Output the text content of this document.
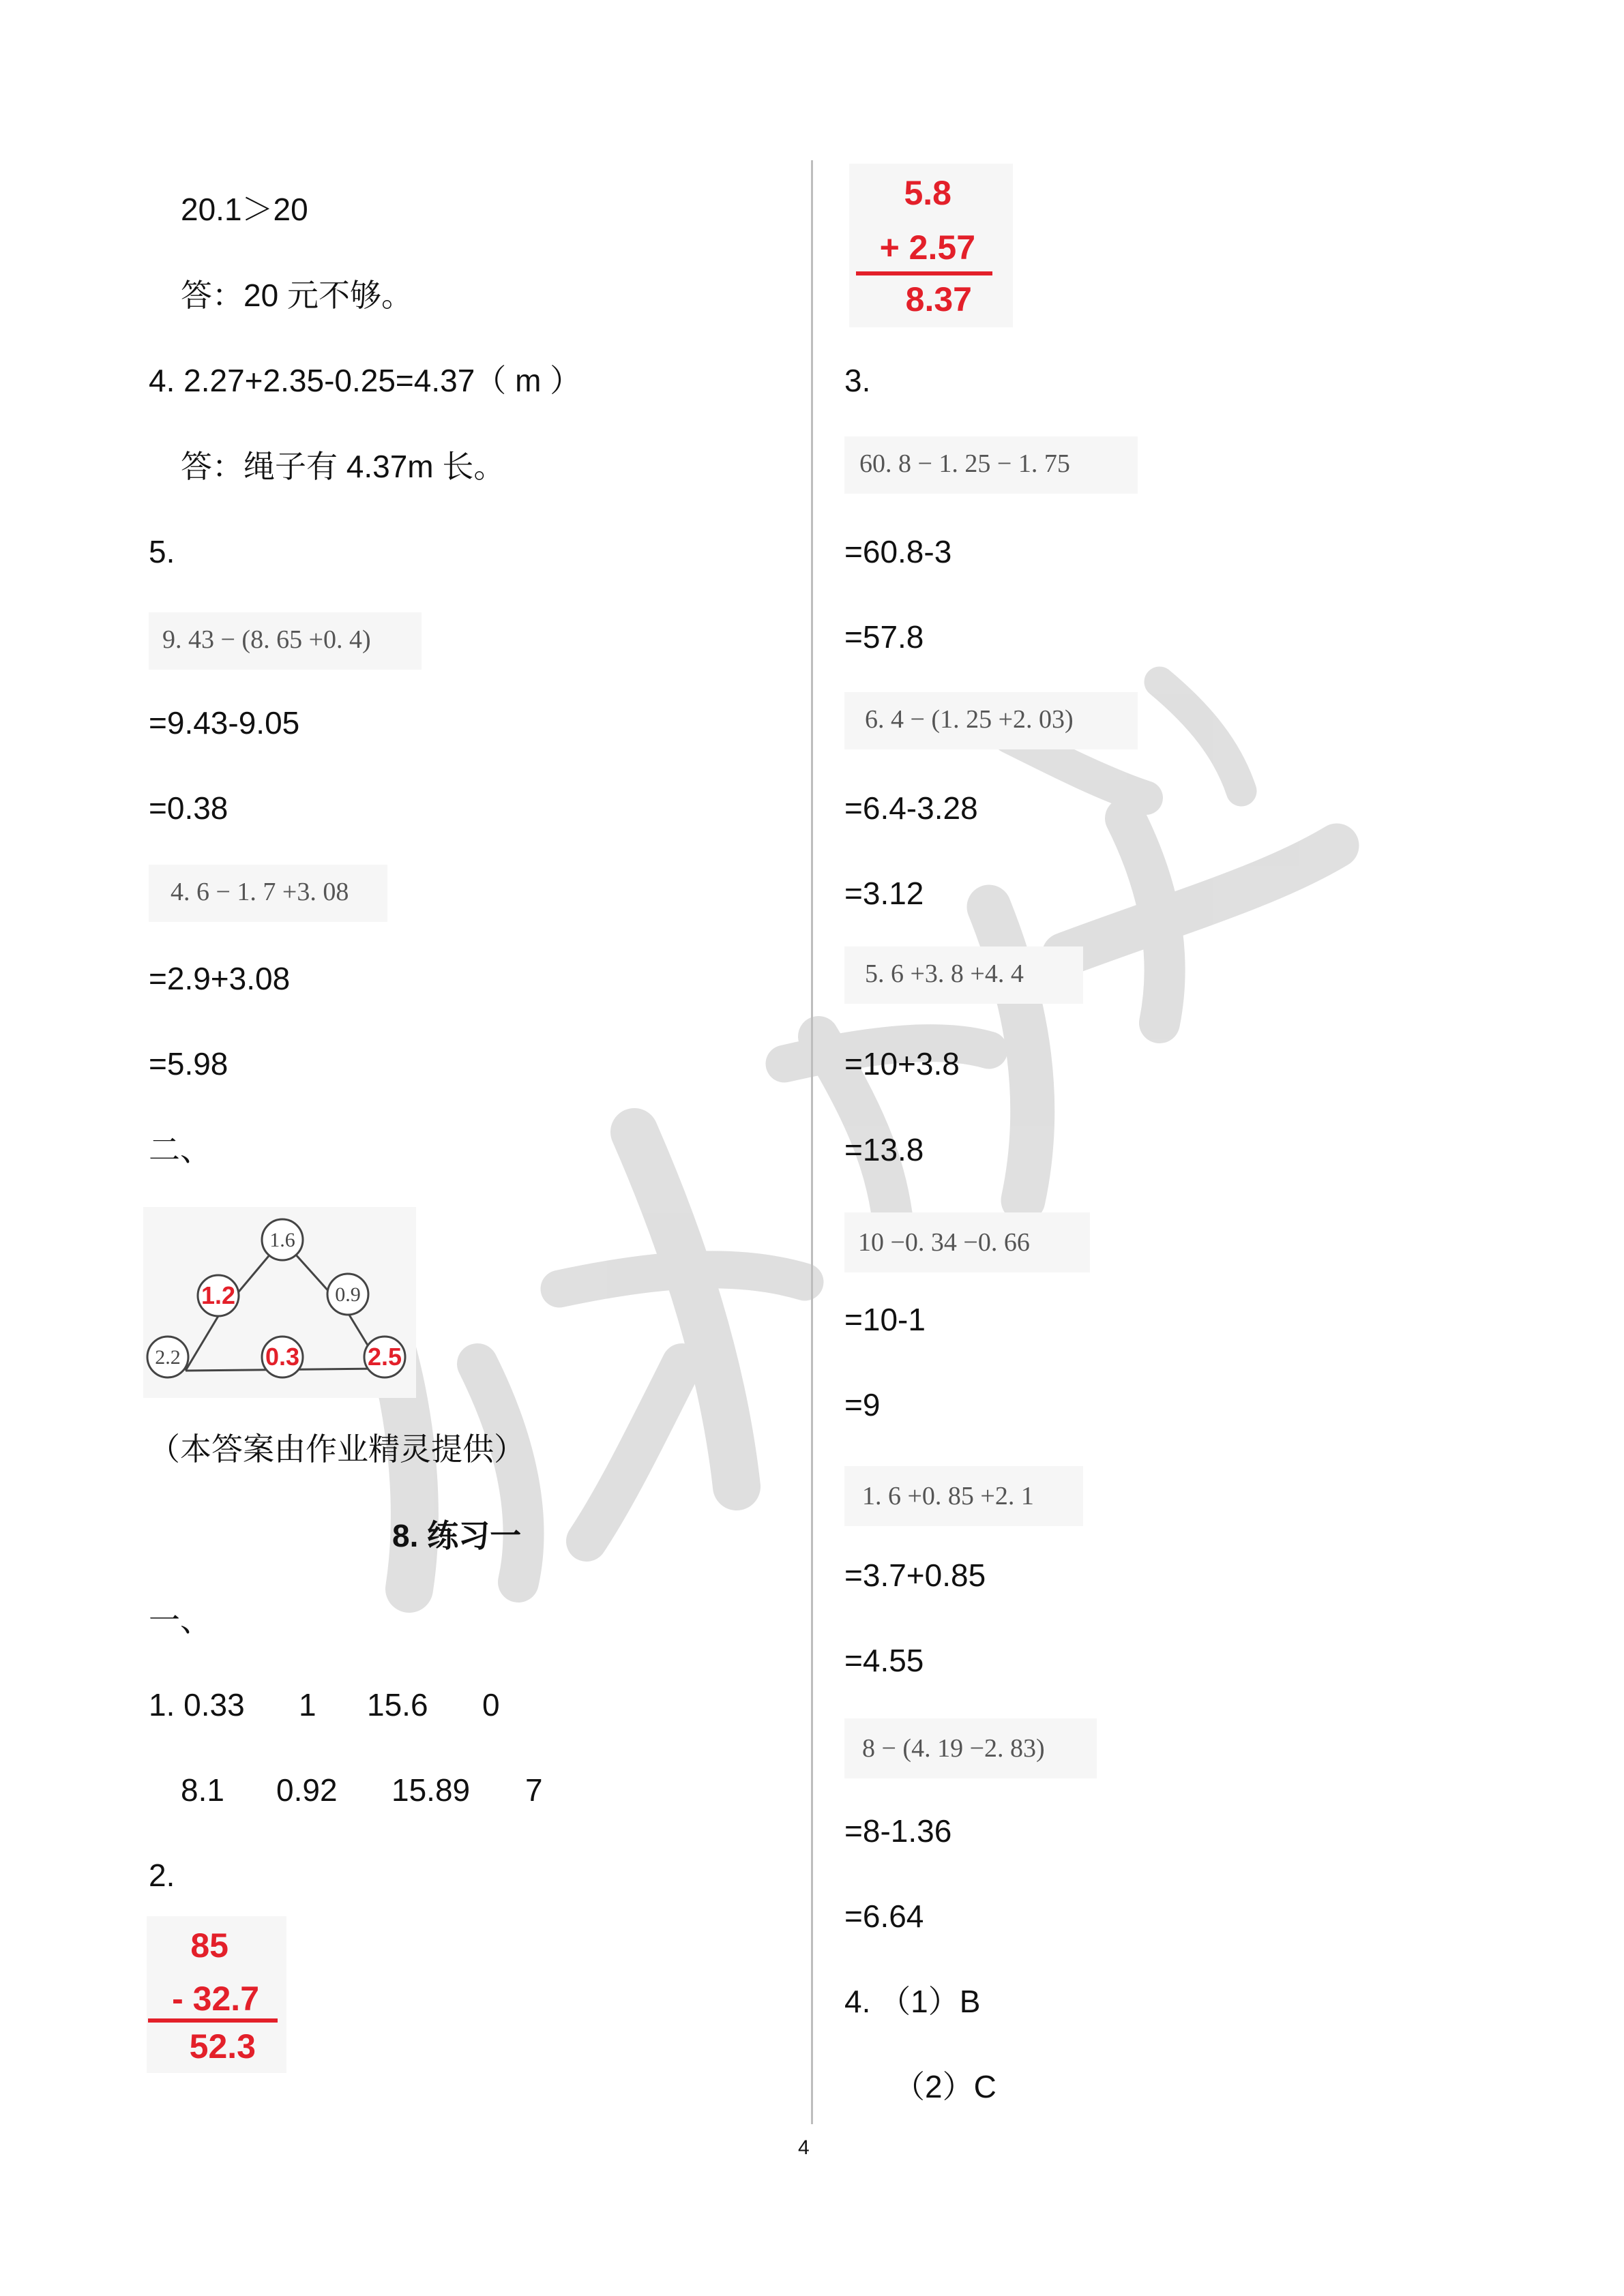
20.1＞20
答：20 元不够。
4. 2.27+2.35-0.25=4.37（ m ）
答：绳子有 4.37m 长。
5.
9. 43 − (8. 65 +0. 4)
=9.43-9.05
=0.38
4. 6 − 1. 7 +3. 08
=2.9+3.08
=5.98
二、
1.6
1.2	0.9
2.2	0.3	2.5
（本答案由作业精灵提供）
8. 练习一
一、
1. 0.33 1 15.6 0
8.1 0.92 15.89 7
2.
85
- 32.7
52.3
5.8
+ 2.57
8.37
3.
60. 8 − 1. 25 − 1. 75
=60.8-3
=57.8
6. 4 − (1. 25 +2. 03)
=6.4-3.28
=3.12
5. 6 +3. 8 +4. 4
=10+3.8
=13.8
10 −0. 34 −0. 66
=10-1
=9
1. 6 +0. 85 +2. 1
=3.7+0.85
=4.55
8 − (4. 19 −2. 83)
=8-1.36
=6.64
4. （1）B
（2）C
4
